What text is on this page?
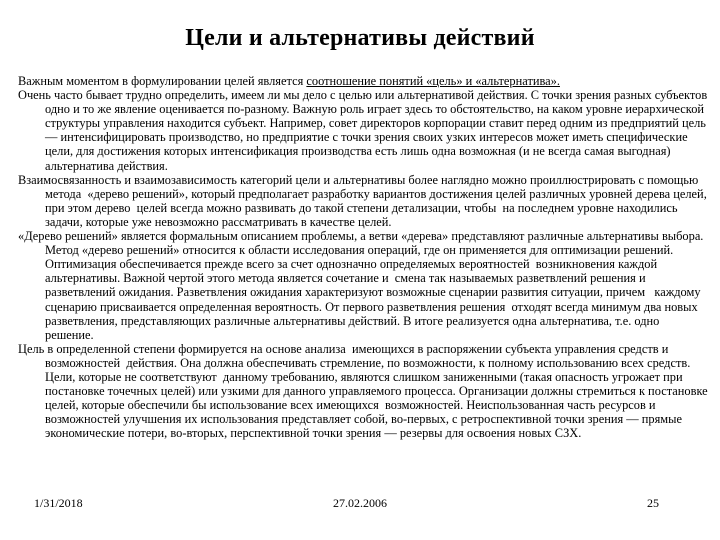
Цели и альтернативы действий

Важным моментом в формулировании целей является соотношение понятий «цель» и «альтернатива».

Очень часто бывает трудно определить, имеем ли мы дело с целью или альтернативой действия. С точки зрения разных субъектов одно и то же явление оценивается по-разному. Важную роль играет здесь то обстоятельство, на каком уровне иерархической структуры управления находится субъект. Например, совет директоров корпорации ставит перед одним из предприятий цель — интенсифицировать производство, но предприятие с точки зрения своих узких интересов может иметь специфические цели, для достижения которых интенсификация производства есть лишь одна возможная (и не всегда самая выгодная) альтернатива действия.

Взаимосвязанность и взаимозависимость категорий цели и альтернативы более наглядно можно проиллюстрировать с помощью метода  «дерево решений», который предполагает разработку вариантов достижения целей различных уровней дерева целей, при этом дерево  целей всегда можно развивать до такой степени детализации, чтобы  на последнем уровне находились задачи, которые уже невозможно рассматривать в качестве целей.

«Дерево решений» является формальным описанием проблемы, а ветви «дерева» представляют различные альтернативы выбора. Метод «дерево решений» относится к области исследования операций, где он применяется для оптимизации решений.  Оптимизация обеспечивается прежде всего за счет однозначно определяемых вероятностей  возникновения каждой альтернативы. Важной чертой этого метода является сочетание и  смена так называемых разветвлений решения и разветвлений ожидания. Разветвления ожидания характеризуют возможные сценарии развития ситуации, причем   каждому сценарию присваивается определенная вероятность. От первого разветвления решения  отходят всегда минимум два новых разветвления, представляющих различные альтернативы действий. В итоге реализуется одна альтернатива, т.е. одно решение.

Цель в определенной степени формируется на основе анализа  имеющихся в распоряжении субъекта управления средств и возможностей  действия. Она должна обеспечивать стремление, по возможности, к полному использованию всех средств. Цели, которые не соответствуют  данному требованию, являются слишком заниженными (такая опасность угрожает при постановке точечных целей) или узкими для данного управляемого процесса. Организации должны стремиться к постановке целей, которые обеспечили бы использование всех имеющихся  возможностей. Неиспользованная часть ресурсов и возможностей улучшения их использования представляет собой, во-первых, с ретроспективной точки зрения — прямые экономические потери, во-вторых, перспективной точки зрения — резервы для освоения новых СЗХ.

1/31/2018	27.02.2006	25
